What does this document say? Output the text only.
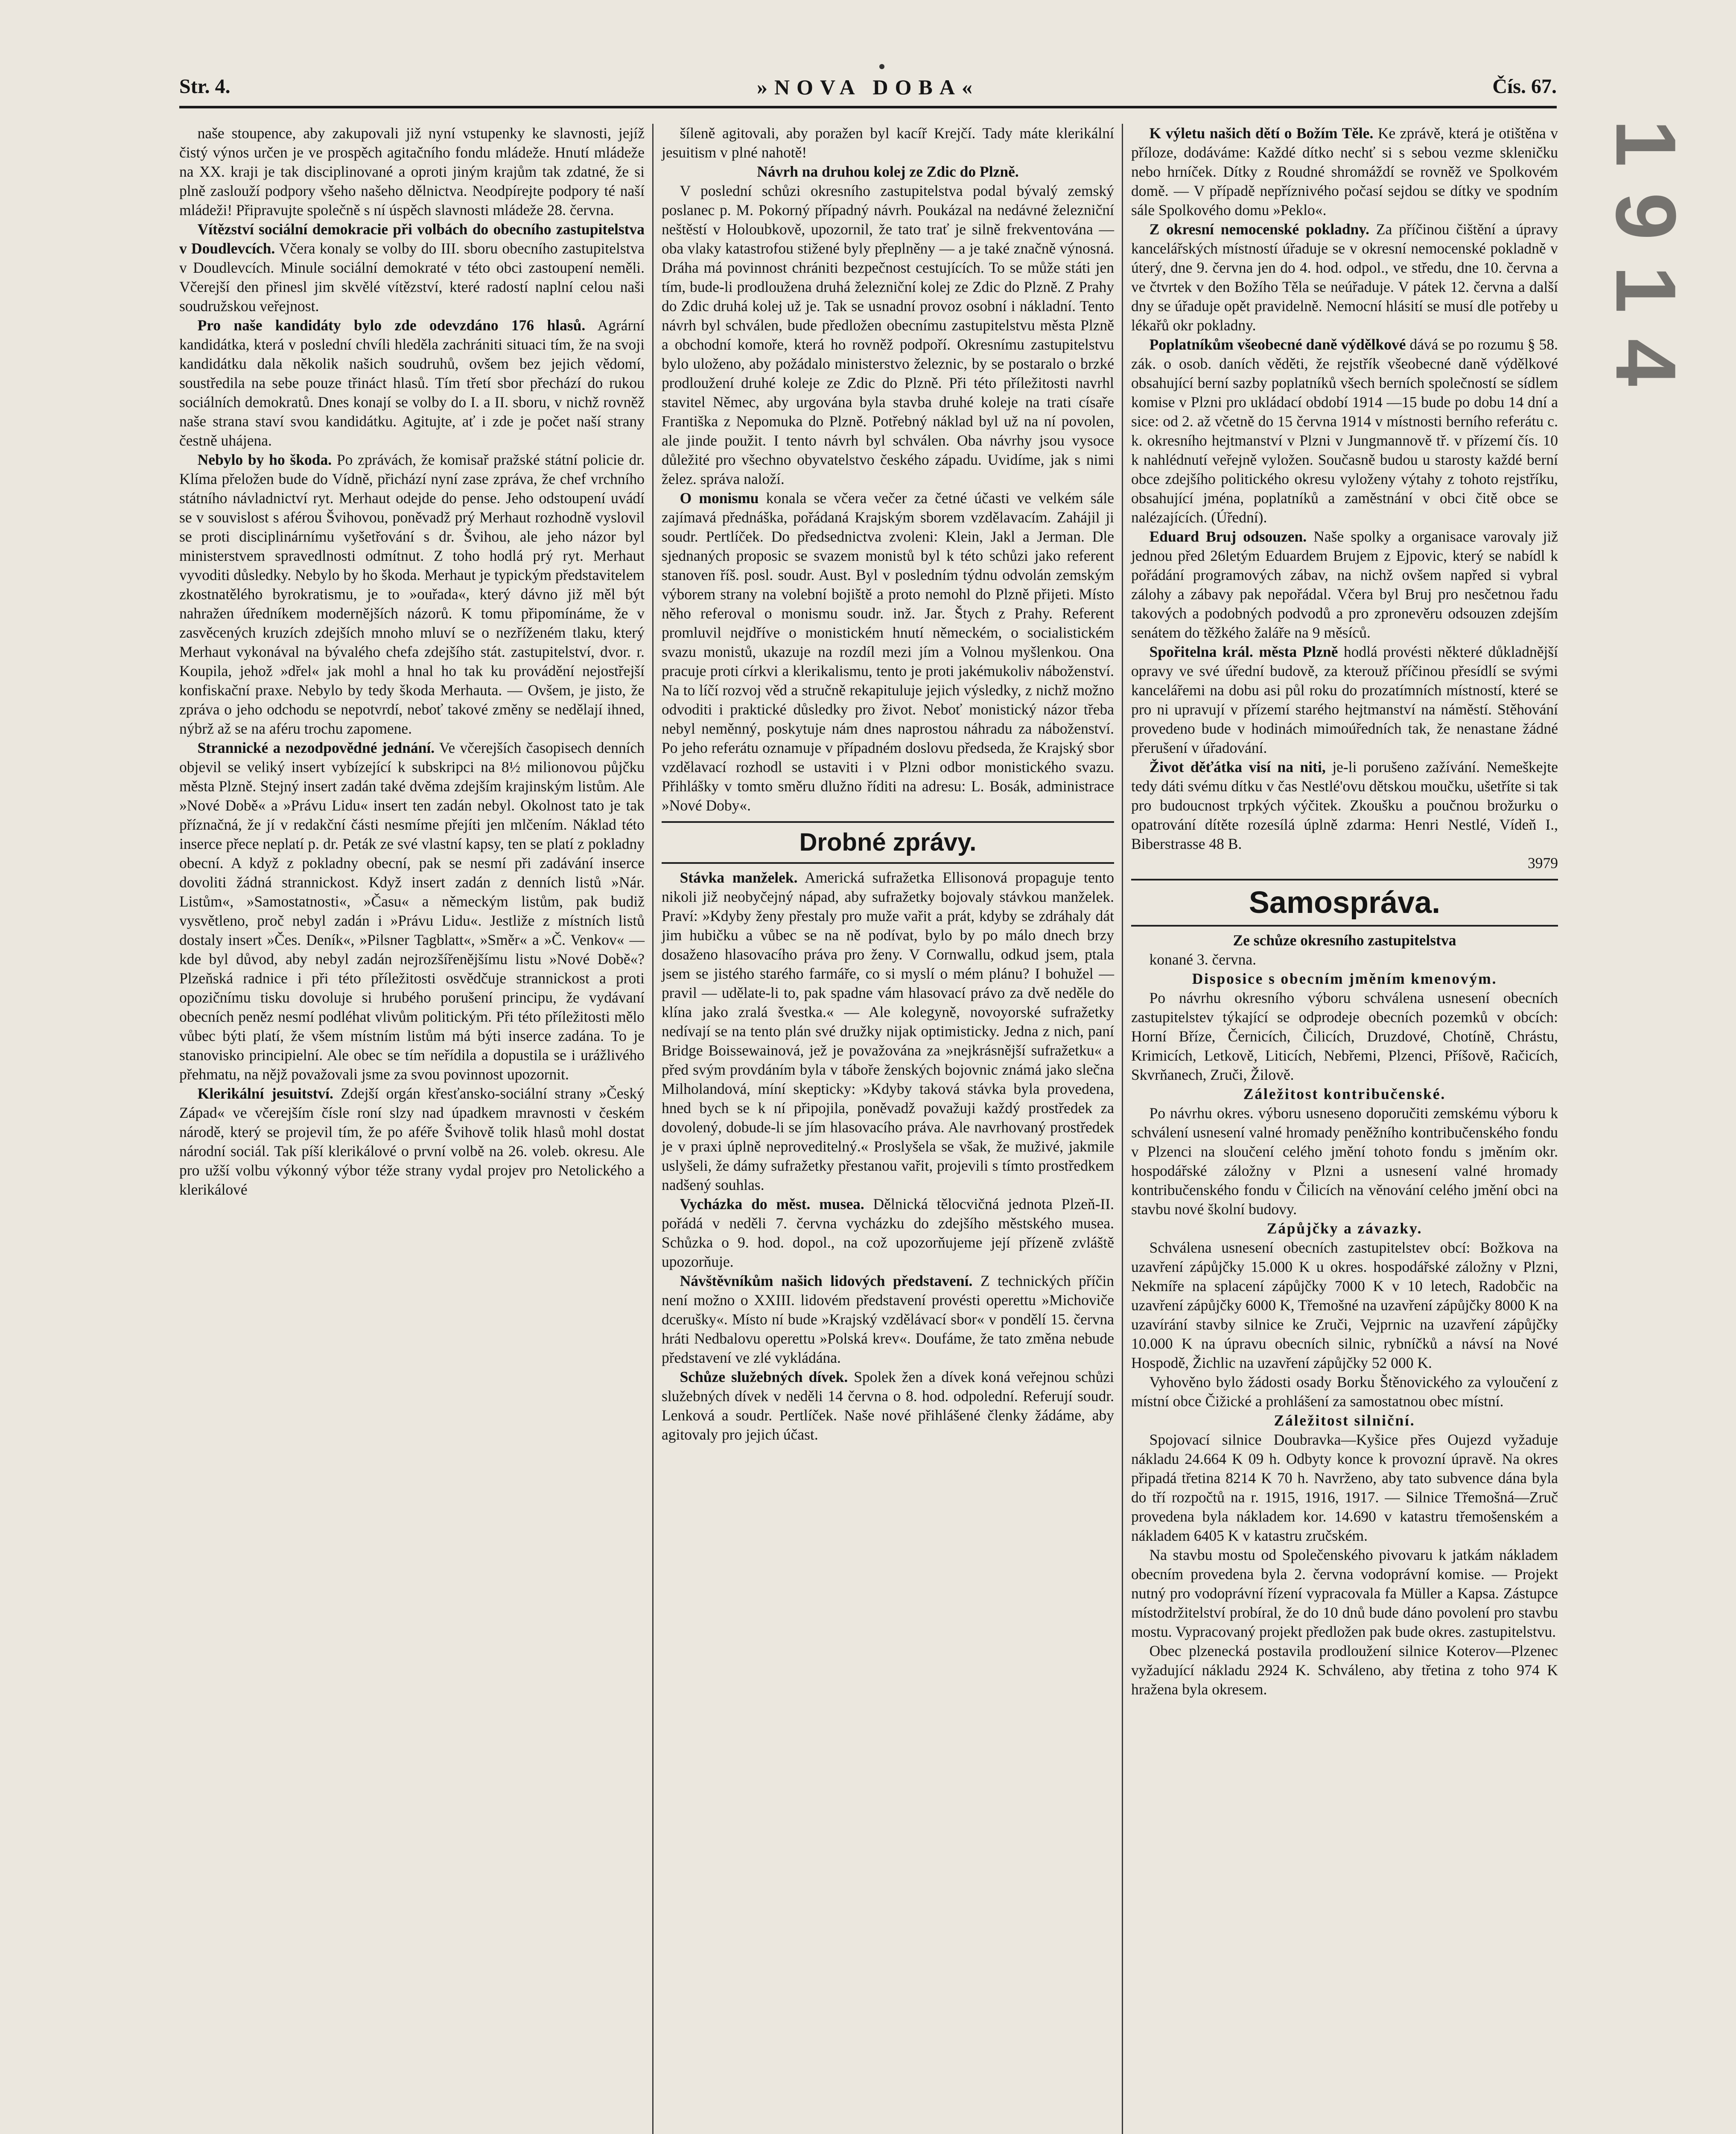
Str. 4.	»NOVA DOBA«	Čís. 67.

naše stoupence, aby zakupovali již nyní vstupenky ke slavnosti, jejíž čistý výnos určen je ve prospěch agitačního fondu mládeže. Hnutí mládeže na XX. kraji je tak disciplinované a oproti jiným krajům tak zdatné, že si plně zaslouží podpory všeho našeho dělnictva. Neodpírejte podpory té naší mládeži! Připravujte společně s ní úspěch slavnosti mládeže 28. června.

Vítězství sociální demokracie při volbách do obecního zastupitelstva v Doudlevcích. Včera konaly se volby do III. sboru obecního zastupitelstva v Doudlevcích. Minule sociální demokraté v této obci zastoupení neměli. Včerejší den přinesl jim skvělé vítězství, které radostí naplní celou naši soudružskou veřejnost.

Pro naše kandidáty bylo zde odevzdáno 176 hlasů. Agrární kandidátka, která v poslední chvíli hleděla zachrániti situaci tím, že na svoji kandidátku dala několik našich soudruhů, ovšem bez jejich vědomí, soustředila na sebe pouze třináct hlasů. Tím třetí sbor přechází do rukou sociálních demokratů. Dnes konají se volby do I. a II. sboru, v nichž rovněž naše strana staví svou kandidátku. Agitujte, ať i zde je počet naší strany čestně uhájena.

Nebylo by ho škoda. Po zprávách, že komisař pražské státní policie dr. Klíma přeložen bude do Vídně, přichází nyní zase zpráva, že chef vrchního státního návladnictví ryt. Merhaut odejde do pense. Jeho odstoupení uvádí se v souvislost s aférou Švihovou, poněvadž prý Merhaut rozhodně vyslovil se proti disciplinárnímu vyšetřování s dr. Švihou, ale jeho názor byl ministerstvem spravedlnosti odmítnut. Z toho hodlá prý ryt. Merhaut vyvoditi důsledky. Nebylo by ho škoda. Merhaut je typickým představitelem zkostnatělého byrokratismu, je to »ouřada«, který dávno již měl být nahražen úředníkem modernějších názorů. K tomu připomínáme, že v zasvěcených kruzích zdejších mnoho mluví se o nezříženém tlaku, který Merhaut vykonával na bývalého chefa zdejšího stát. zastupitelství, dvor. r. Koupila, jehož »dřel« jak mohl a hnal ho tak ku provádění nejostřejší konfiskační praxe. Nebylo by tedy škoda Merhauta. — Ovšem, je jisto, že zpráva o jeho odchodu se nepotvrdí, neboť takové změny se nedělají ihned, nýbrž až se na aféru trochu zapomene.

Strannické a nezodpovědné jednání. Ve včerejších časopisech denních objevil se veliký insert vybízející k subskripci na 8½ milionovou půjčku města Plzně. Stejný insert zadán také dvěma zdejším krajinským listům. Ale »Nové Době« a »Právu Lidu« insert ten zadán nebyl. Okolnost tato je tak příznačná, že jí v redakční části nesmíme přejíti jen mlčením. Náklad této inserce přece neplatí p. dr. Peták ze své vlastní kapsy, ten se platí z pokladny obecní. A když z pokladny obecní, pak se nesmí při zadávání inserce dovoliti žádná strannickost. Když insert zadán z denních listů »Nár. Listům«, »Samostatnosti«, »Času« a německým listům, pak budiž vysvětleno, proč nebyl zadán i »Právu Lidu«. Jestliže z místních listů dostaly insert »Čes. Deník«, »Pilsner Tagblatt«, »Směr« a »Č. Venkov« — kde byl důvod, aby nebyl zadán nejrozšířenějšímu listu »Nové Době«? Plzeňská radnice i při této příležitosti osvědčuje strannickost a proti opozičnímu tisku dovoluje si hrubého porušení principu, že vydávaní obecních peněz nesmí podléhat vlivům politickým. Při této příležitosti mělo vůbec býti platí, že všem místním listům má býti inserce zadána. To je stanovisko principielní. Ale obec se tím neřídila a dopustila se i urážlivého přehmatu, na nějž považovali jsme za svou povinnost upozornit.

Klerikální jesuitství. Zdejší orgán křesťansko-sociální strany »Český Západ« ve včerejším čísle roní slzy nad úpadkem mravnosti v českém národě, který se projevil tím, že po aféře Švihově tolik hlasů mohl dostat národní sociál. Tak píší klerikálové o první volbě na 26. voleb. okresu. Ale pro užší volbu výkonný výbor téže strany vydal projev pro Netolického a klerikálové

šíleně agitovali, aby poražen byl kacíř Krejčí. Tady máte klerikální jesuitism v plné nahotě!

Návrh na druhou kolej ze Zdic do Plzně.

V poslední schůzi okresního zastupitelstva podal bývalý zemský poslanec p. M. Pokorný případný návrh. Poukázal na nedávné železniční neštěstí v Holoubkově, upozornil, že tato trať je silně frekventována — oba vlaky katastrofou stižené byly přeplněny — a je také značně výnosná. Dráha má povinnost chrániti bezpečnost cestujících. To se může státi jen tím, bude-li prodloužena druhá železniční kolej ze Zdic do Plzně. Z Prahy do Zdic druhá kolej už je. Tak se usnadní provoz osobní i nákladní. Tento návrh byl schválen, bude předložen obecnímu zastupitelstvu města Plzně a obchodní komoře, která ho rovněž podpoří. Okresnímu zastupitelstvu bylo uloženo, aby požádalo ministerstvo železnic, by se postaralo o brzké prodloužení druhé koleje ze Zdic do Plzně. Při této příležitosti navrhl stavitel Němec, aby urgována byla stavba druhé koleje na trati císaře Františka z Nepomuka do Plzně. Potřebný náklad byl už na ní povolen, ale jinde použit. I tento návrh byl schválen. Oba návrhy jsou vysoce důležité pro všechno obyvatelstvo českého západu. Uvidíme, jak s nimi želez. správa naloží.

O monismu konala se včera večer za četné účasti ve velkém sále zajímavá přednáška, pořádaná Krajským sborem vzdělavacím. Zahájil ji soudr. Pertlíček. Do předsednictva zvoleni: Klein, Jakl a Jerman. Dle sjednaných proposic se svazem monistů byl k této schůzi jako referent stanoven říš. posl. soudr. Aust. Byl v posledním týdnu odvolán zemským výborem strany na volební bojiště a proto nemohl do Plzně přijeti. Místo něho referoval o monismu soudr. inž. Jar. Štych z Prahy. Referent promluvil nejdříve o monistickém hnutí německém, o socialistickém svazu monistů, ukazuje na rozdíl mezi jím a Volnou myšlenkou. Ona pracuje proti církvi a klerikalismu, tento je proti jakémukoliv náboženství. Na to líčí rozvoj věd a stručně rekapituluje jejich výsledky, z nichž možno odvoditi i praktické důsledky pro život. Neboť monistický názor třeba nebyl neměnný, poskytuje nám dnes naprostou náhradu za náboženství. Po jeho referátu oznamuje v případném doslovu předseda, že Krajský sbor vzdělavací rozhodl se ustaviti i v Plzni odbor monistického svazu. Přihlášky v tomto směru dlužno říditi na adresu: L. Bosák, administrace »Nové Doby«.

Drobné zprávy.

Stávka manželek. Americká sufražetka Ellisonová propaguje tento nikoli již neobyčejný nápad, aby sufražetky bojovaly stávkou manželek. Praví: »Kdyby ženy přestaly pro muže vařit a prát, kdyby se zdráhaly dát jim hubičku a vůbec se na ně podívat, bylo by po málo dnech brzy dosaženo hlasovacího práva pro ženy. V Cornwallu, odkud jsem, ptala jsem se jistého starého farmáře, co si myslí o mém plánu? I bohužel — pravil — udělate-li to, pak spadne vám hlasovací právo za dvě neděle do klína jako zralá švestka.« — Ale kolegyně, novoyorské sufražetky nedívají se na tento plán své družky nijak optimisticky. Jedna z nich, paní Bridge Boissewainová, jež je považována za »nejkrásnější sufražetku« a před svým provdáním byla v táboře ženských bojovnic známá jako slečna Milholandová, míní skepticky: »Kdyby taková stávka byla provedena, hned bych se k ní připojila, poněvadž považuji každý prostředek za dovolený, dobude-li se jím hlasovacího práva. Ale navrhovaný prostředek je v praxi úplně neproveditelný.« Proslyšela se však, že muživé, jakmile uslyšeli, že dámy sufražetky přestanou vařit, projevili s tímto prostředkem nadšený souhlas.

Vycházka do měst. musea. Dělnická tělocvičná jednota Plzeň-II. pořádá v neděli 7. června vycházku do zdejšího městského musea. Schůzka o 9. hod. dopol., na což upozorňujeme její přízeně zvláště upozorňuje.

Návštěvníkům našich lidových představení. Z technických příčin není možno o XXIII. lidovém představení provésti operettu »Michoviče dcerušky«. Místo ní bude »Krajský vzdělávací sbor« v pondělí 15. června hráti Nedbalovu operettu »Polská krev«. Doufáme, že tato změna nebude představení ve zlé vykládána.

Schůze služebných dívek. Spolek žen a dívek koná veřejnou schůzi služebných dívek v neděli 14 června o 8. hod. odpolední. Referují soudr. Lenková a soudr. Pertlíček. Naše nové přihlášené členky žádáme, aby agitovaly pro jejich účast.

K výletu našich dětí o Božím Těle. Ke zprávě, která je otištěna v příloze, dodáváme: Každé dítko nechť si s sebou vezme skleničku nebo hrníček. Dítky z Roudné shromáždí se rovněž ve Spolkovém domě. — V případě nepříznivého počasí sejdou se dítky ve spodním sále Spolkového domu »Peklo«.

Z okresní nemocenské pokladny. Za příčinou čištění a úpravy kancelářských místností úřaduje se v okresní nemocenské pokladně v úterý, dne 9. června jen do 4. hod. odpol., ve středu, dne 10. června a ve čtvrtek v den Božího Těla se neúřaduje. V pátek 12. června a další dny se úřaduje opět pravidelně. Nemocní hlásití se musí dle potřeby u lékařů okr pokladny.

Poplatníkům všeobecné daně výdělkové dává se po rozumu § 58. zák. o osob. daních věděti, že rejstřík všeobecné daně výdělkové obsahující berní sazby poplatníků všech berních společností se sídlem komise v Plzni pro ukládací období 1914 —15 bude po dobu 14 dní a sice: od 2. až včetně do 15 června 1914 v místnosti berního referátu c. k. okresního hejtmanství v Plzni v Jungmannově tř. v přízemí čís. 10 k nahlédnutí veřejně vyložen. Současně budou u starosty každé berní obce zdejšího politického okresu vyloženy výtahy z tohoto rejstříku, obsahující jména, poplatníků a zaměstnání v obci čitě obce se nalézajících. (Úřední).

Eduard Bruj odsouzen. Naše spolky a organisace varovaly již jednou před 26letým Eduardem Brujem z Ejpovic, který se nabídl k pořádání programových zábav, na nichž ovšem napřed si vybral zálohy a zábavy pak nepořádal. Včera byl Bruj pro nesčetnou řadu takových a podobných podvodů a pro zpronevěru odsouzen zdejším senátem do těžkého žaláře na 9 měsíců.

Spořitelna král. města Plzně hodlá provésti některé důkladnější opravy ve své úřední budově, za kterouž příčinou přesídlí se svými kancelářemi na dobu asi půl roku do prozatímních místností, které se pro ni upravují v přízemí starého hejtmanství na náměstí. Stěhování provedeno bude v hodinách mimoúředních tak, že nenastane žádné přerušení v úřadování.

Život děťátka visí na niti, je-li porušeno zažívání. Nemeškejte tedy dáti svému dítku v čas Nestlé'ovu dětskou moučku, ušetříte si tak pro budoucnost trpkých výčitek. Zkoušku a poučnou brožurku o opatrování dítěte rozesílá úplně zdarma: Henri Nestlé, Vídeň I., Biberstrasse 48 B.

3979

Samospráva.

Ze schůze okresního zastupitelstva

konané 3. června.

Disposice s obecním jměním kmenovým.

Po návrhu okresního výboru schválena usnesení obecních zastupitelstev týkající se odprodeje obecních pozemků v obcích: Horní Bříze, Černicích, Čilicích, Druzdové, Chotíně, Chrástu, Krimicích, Letkově, Liticích, Nebřemi, Plzenci, Příšově, Račicích, Skvrňanech, Zruči, Žilově.

Záležitost kontribučenské.

Po návrhu okres. výboru usneseno doporučiti zemskému výboru k schválení usnesení valné hromady peněžního kontribučenského fondu v Plzenci na sloučení celého jmění tohoto fondu s jměním okr. hospodářské záložny v Plzni a usnesení valné hromady kontribučenského fondu v Čilicích na věnování celého jmění obci na stavbu nové školní budovy.

Zápůjčky a závazky.

Schválena usnesení obecních zastupitelstev obcí: Božkova na uzavření zápůjčky 15.000 K u okres. hospodářské záložny v Plzni, Nekmíře na splacení zápůjčky 7000 K v 10 letech, Radobčic na uzavření zápůjčky 6000 K, Třemošné na uzavření zápůjčky 8000 K na uzavírání stavby silnice ke Zruči, Vejprnic na uzavření zápůjčky 10.000 K na úpravu obecních silnic, rybníčků a návsí na Nové Hospodě, Žichlic na uzavření zápůjčky 52 000 K.

Vyhověno bylo žádosti osady Borku Štěnovického za vyloučení z místní obce Čižické a prohlášení za samostatnou obec místní.

Záležitost silniční.

Spojovací silnice Doubravka—Kyšice přes Oujezd vyžaduje nákladu 24.664 K 09 h. Odbyty konce k provozní úpravě. Na okres připadá třetina 8214 K 70 h. Navrženo, aby tato subvence dána byla do tří rozpočtů na r. 1915, 1916, 1917. — Silnice Třemošná—Zruč provedena byla nákladem kor. 14.690 v katastru třemošenském a nákladem 6405 K v katastru zručském.

Na stavbu mostu od Společenského pivovaru k jatkám nákladem obecním provedena byla 2. června vodoprávní komise. — Projekt nutný pro vodoprávní řízení vypracovala fa Müller a Kapsa. Zástupce místodržitelství probíral, že do 10 dnů bude dáno povolení pro stavbu mostu. Vypracovaný projekt předložen pak bude okres. zastupitelstvu.

Obec plzenecká postavila prodloužení silnice Koterov—Plzenec vyžadující nákladu 2924 K. Schváleno, aby třetina z toho 974 K hražena byla okresem.

1914
